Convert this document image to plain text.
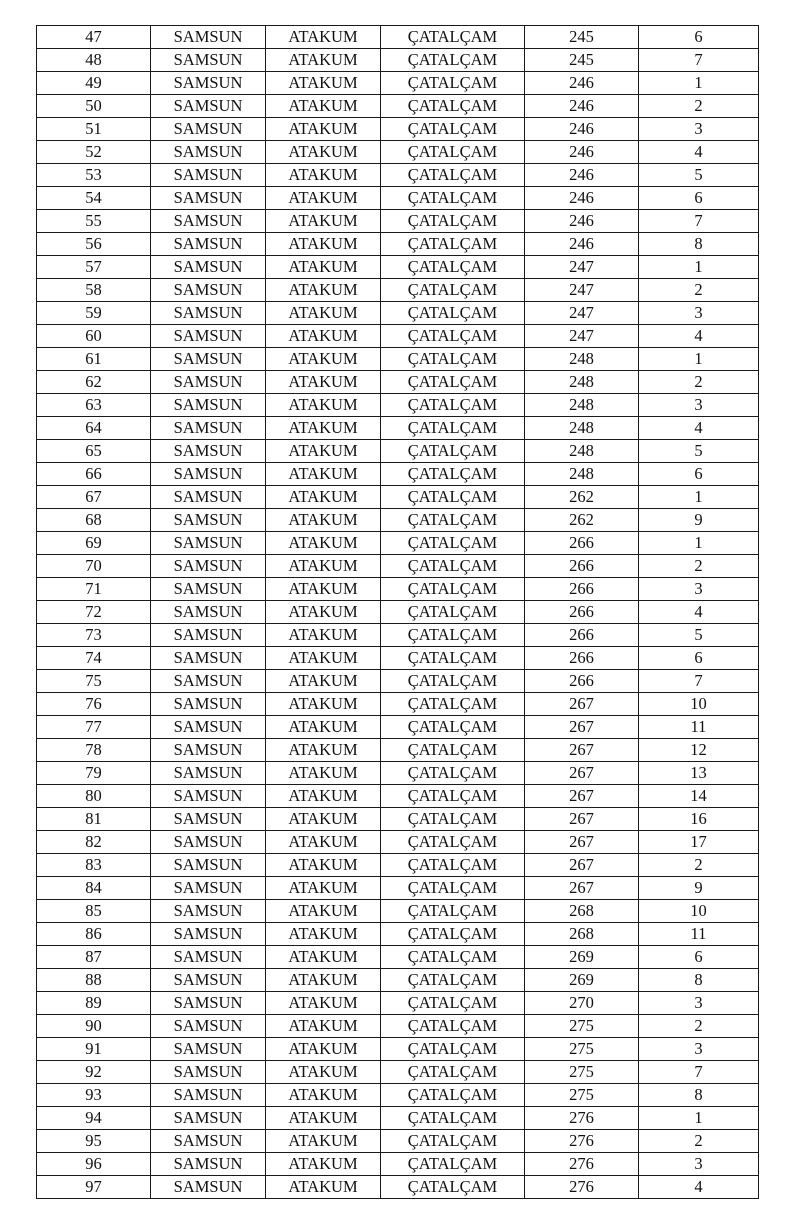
47	SAMSUN	ATAKUM	ÇATALÇAM	245	6
48	SAMSUN	ATAKUM	ÇATALÇAM	245	7
49	SAMSUN	ATAKUM	ÇATALÇAM	246	1
50	SAMSUN	ATAKUM	ÇATALÇAM	246	2
51	SAMSUN	ATAKUM	ÇATALÇAM	246	3
52	SAMSUN	ATAKUM	ÇATALÇAM	246	4
53	SAMSUN	ATAKUM	ÇATALÇAM	246	5
54	SAMSUN	ATAKUM	ÇATALÇAM	246	6
55	SAMSUN	ATAKUM	ÇATALÇAM	246	7
56	SAMSUN	ATAKUM	ÇATALÇAM	246	8
57	SAMSUN	ATAKUM	ÇATALÇAM	247	1
58	SAMSUN	ATAKUM	ÇATALÇAM	247	2
59	SAMSUN	ATAKUM	ÇATALÇAM	247	3
60	SAMSUN	ATAKUM	ÇATALÇAM	247	4
61	SAMSUN	ATAKUM	ÇATALÇAM	248	1
62	SAMSUN	ATAKUM	ÇATALÇAM	248	2
63	SAMSUN	ATAKUM	ÇATALÇAM	248	3
64	SAMSUN	ATAKUM	ÇATALÇAM	248	4
65	SAMSUN	ATAKUM	ÇATALÇAM	248	5
66	SAMSUN	ATAKUM	ÇATALÇAM	248	6
67	SAMSUN	ATAKUM	ÇATALÇAM	262	1
68	SAMSUN	ATAKUM	ÇATALÇAM	262	9
69	SAMSUN	ATAKUM	ÇATALÇAM	266	1
70	SAMSUN	ATAKUM	ÇATALÇAM	266	2
71	SAMSUN	ATAKUM	ÇATALÇAM	266	3
72	SAMSUN	ATAKUM	ÇATALÇAM	266	4
73	SAMSUN	ATAKUM	ÇATALÇAM	266	5
74	SAMSUN	ATAKUM	ÇATALÇAM	266	6
75	SAMSUN	ATAKUM	ÇATALÇAM	266	7
76	SAMSUN	ATAKUM	ÇATALÇAM	267	10
77	SAMSUN	ATAKUM	ÇATALÇAM	267	11
78	SAMSUN	ATAKUM	ÇATALÇAM	267	12
79	SAMSUN	ATAKUM	ÇATALÇAM	267	13
80	SAMSUN	ATAKUM	ÇATALÇAM	267	14
81	SAMSUN	ATAKUM	ÇATALÇAM	267	16
82	SAMSUN	ATAKUM	ÇATALÇAM	267	17
83	SAMSUN	ATAKUM	ÇATALÇAM	267	2
84	SAMSUN	ATAKUM	ÇATALÇAM	267	9
85	SAMSUN	ATAKUM	ÇATALÇAM	268	10
86	SAMSUN	ATAKUM	ÇATALÇAM	268	11
87	SAMSUN	ATAKUM	ÇATALÇAM	269	6
88	SAMSUN	ATAKUM	ÇATALÇAM	269	8
89	SAMSUN	ATAKUM	ÇATALÇAM	270	3
90	SAMSUN	ATAKUM	ÇATALÇAM	275	2
91	SAMSUN	ATAKUM	ÇATALÇAM	275	3
92	SAMSUN	ATAKUM	ÇATALÇAM	275	7
93	SAMSUN	ATAKUM	ÇATALÇAM	275	8
94	SAMSUN	ATAKUM	ÇATALÇAM	276	1
95	SAMSUN	ATAKUM	ÇATALÇAM	276	2
96	SAMSUN	ATAKUM	ÇATALÇAM	276	3
97	SAMSUN	ATAKUM	ÇATALÇAM	276	4
